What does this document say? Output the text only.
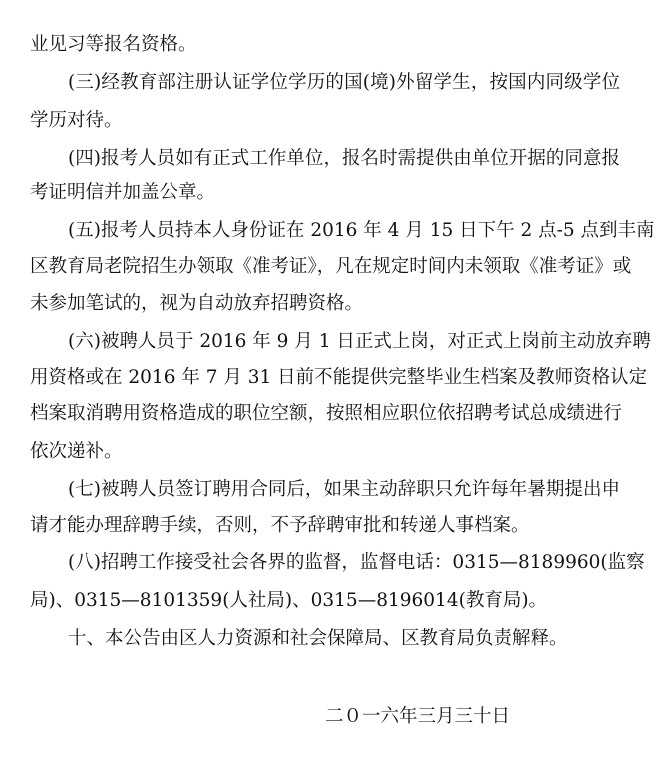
业见习等报名资格。
(三)经教育部注册认证学位学历的国(境)外留学生，按国内同级学位
学历对待。
(四)报考人员如有正式工作单位，报名时需提供由单位开据的同意报
考证明信并加盖公章。
(五)报考人员持本人身份证在 2016 年 4 月 15 日下午 2 点-5 点到丰南
区教育局老院招生办领取《准考证》，凡在规定时间内未领取《准考证》或
未参加笔试的，视为自动放弃招聘资格。
(六)被聘人员于 2016 年 9 月 1 日正式上岗，对正式上岗前主动放弃聘
用资格或在 2016 年 7 月 31 日前不能提供完整毕业生档案及教师资格认定
档案取消聘用资格造成的职位空额，按照相应职位依招聘考试总成绩进行
依次递补。
(七)被聘人员签订聘用合同后，如果主动辞职只允许每年暑期提出申
请才能办理辞聘手续，否则，不予辞聘审批和转递人事档案。
(八)招聘工作接受社会各界的监督，监督电话：0315—8189960(监察
局)、0315—8101359(人社局)、0315—8196014(教育局)。
十、本公告由区人力资源和社会保障局、区教育局负责解释。
二０一六年三月三十日
